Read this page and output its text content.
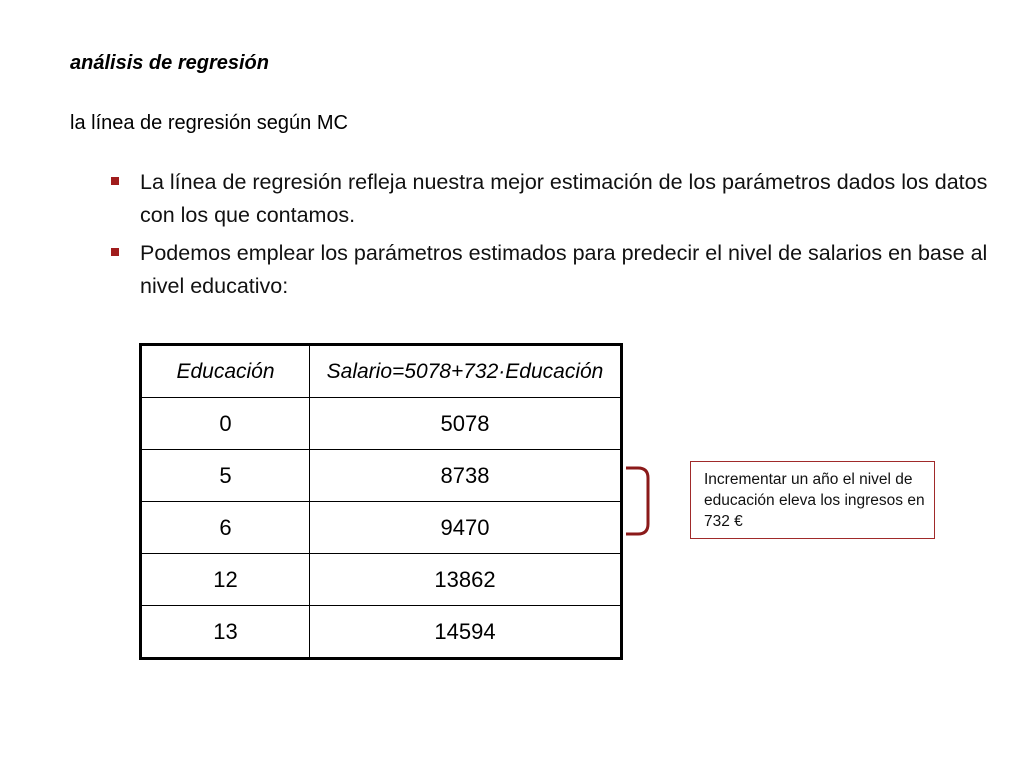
análisis de regresión

la línea de regresión según MC

La línea de regresión refleja nuestra mejor estimación de los parámetros dados los datos con los que contamos.
Podemos emplear los parámetros estimados para predecir el nivel de salarios en base al nivel educativo:
Educación	Salario=5078+732·Educación
0	5078
5	8738
6	9470
12	13862
13	14594
Incrementar un año el nivel de educación eleva los ingresos en 732 €
